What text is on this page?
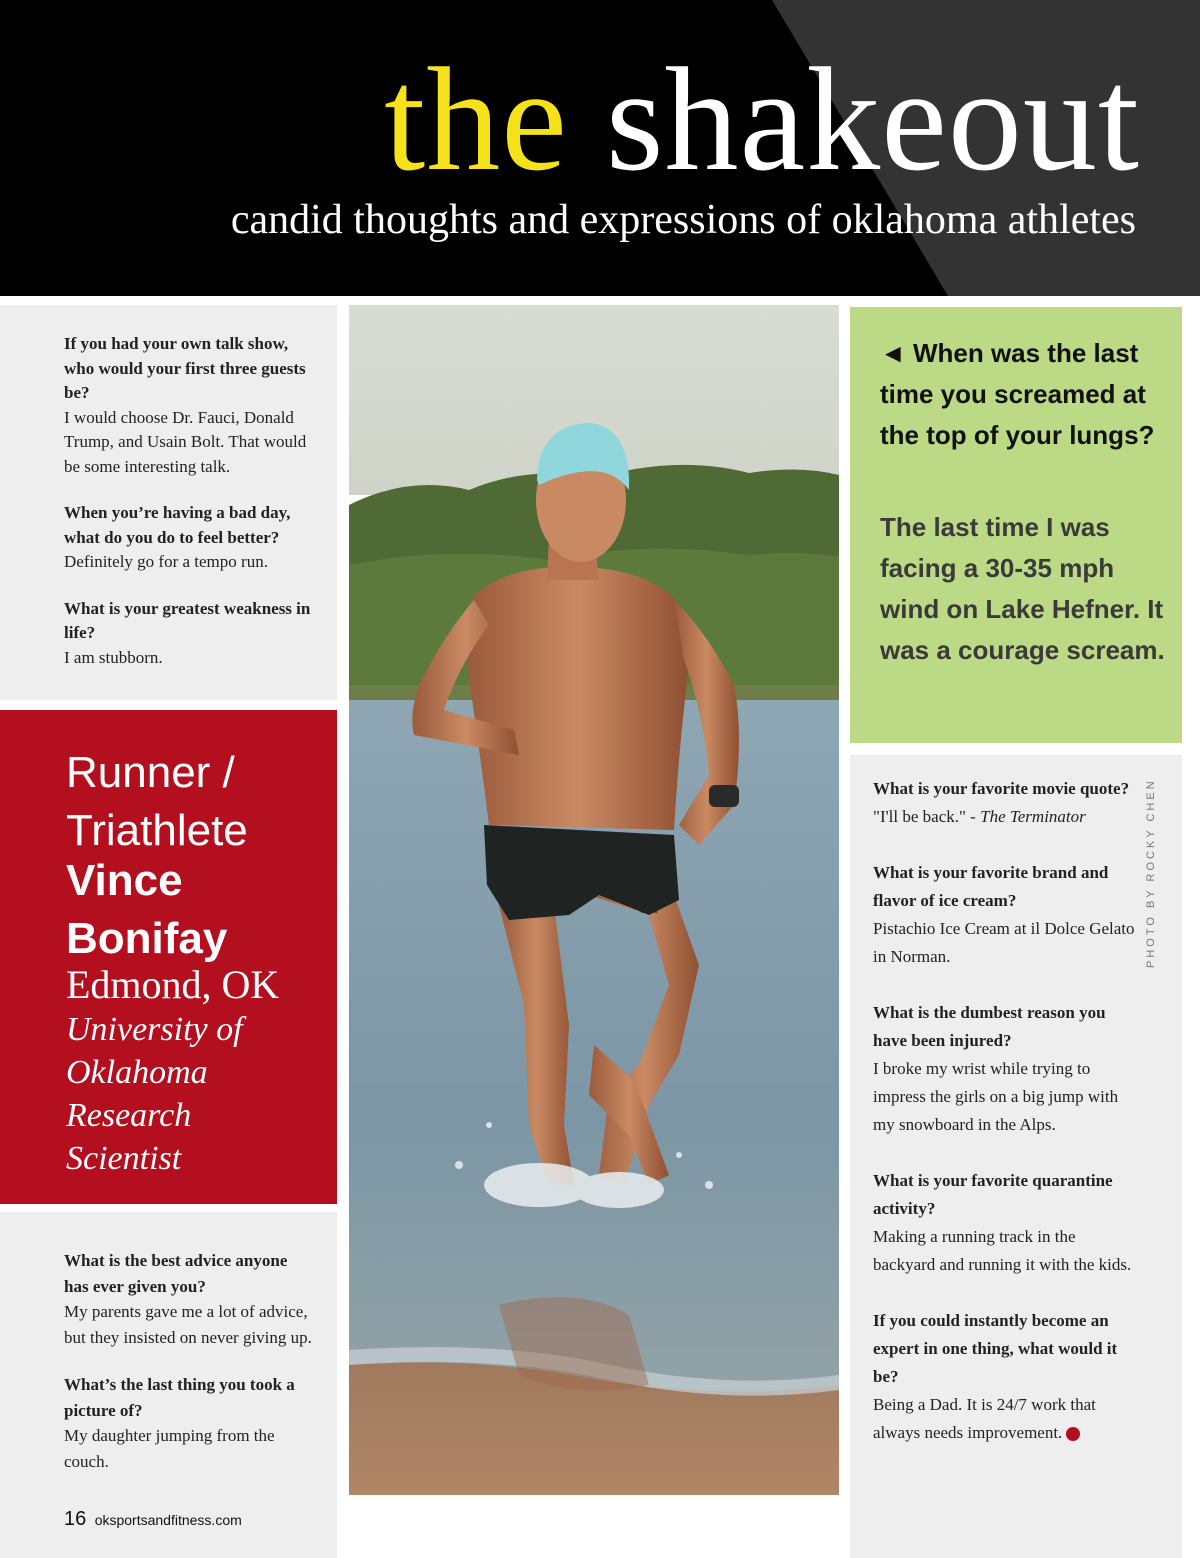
the shakeout
candid thoughts and expressions of oklahoma athletes

If you had your own talk show, who would your first three guests be?

I would choose Dr. Fauci, Donald Trump, and Usain Bolt. That would be some interesting talk.

When you’re having a bad day, what do you do to feel better?

Definitely go for a tempo run.

What is your greatest weakness in life?

I am stubborn.

Runner /
Triathlete
Vince
Bonifay
Edmond, OK
University of
Oklahoma
Research
Scientist

What is the best advice anyone has ever given you?

My parents gave me a lot of advice, but they insisted on never giving up.

What’s the last thing you took a picture of?

My daughter jumping from the couch.

16 oksportsandfitness.com
34
◄ When was the last time you screamed at the top of your lungs?
The last time I was facing a 30-35 mph wind on Lake Hefner. It was a courage scream.

What is your favorite movie quote?

"I'll be back." - The Terminator

What is your favorite brand and flavor of ice cream?

Pistachio Ice Cream at il Dolce Gelato in Norman.

What is the dumbest reason you have been injured?

I broke my wrist while trying to impress the girls on a big jump with my snowboard in the Alps.

What is your favorite quarantine activity?

Making a running track in the backyard and running it with the kids.

If you could instantly become an expert in one thing, what would it be?

Being a Dad. It is 24/7 work that always needs improvement.

PHOTO BY ROCKY CHEN
